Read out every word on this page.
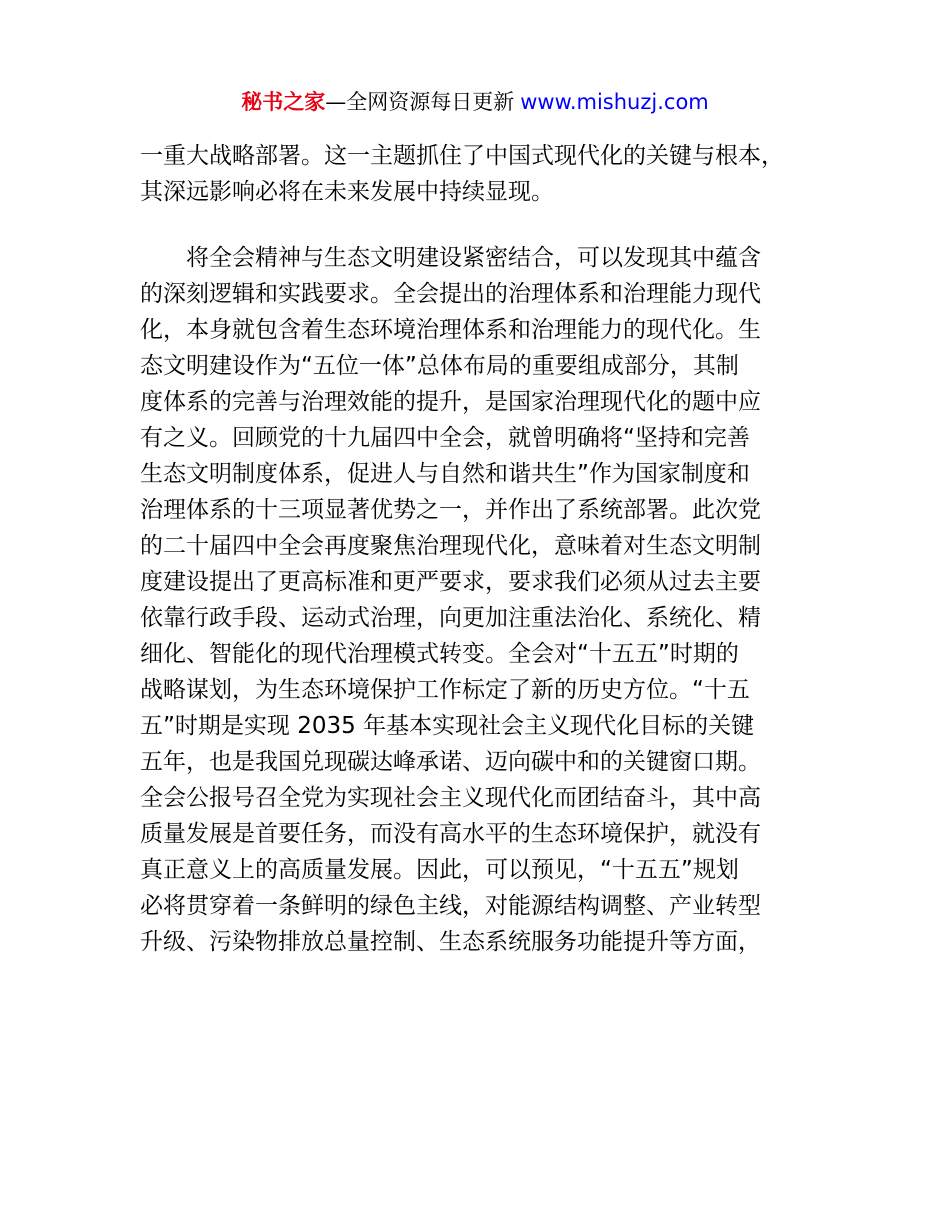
秘书之家—全网资源每日更新 www.mishuzj.com
一重大战略部署。这一主题抓住了中国式现代化的关键与根本，
其深远影响必将在未来发展中持续显现。
　　将全会精神与生态文明建设紧密结合，可以发现其中蕴含
的深刻逻辑和实践要求。全会提出的治理体系和治理能力现代
化，本身就包含着生态环境治理体系和治理能力的现代化。生
态文明建设作为“五位一体”总体布局的重要组成部分，其制
度体系的完善与治理效能的提升，是国家治理现代化的题中应
有之义。回顾党的十九届四中全会，就曾明确将“坚持和完善
生态文明制度体系，促进人与自然和谐共生”作为国家制度和
治理体系的十三项显著优势之一，并作出了系统部署。此次党
的二十届四中全会再度聚焦治理现代化，意味着对生态文明制
度建设提出了更高标准和更严要求，要求我们必须从过去主要
依靠行政手段、运动式治理，向更加注重法治化、系统化、精
细化、智能化的现代治理模式转变。全会对“十五五”时期的
战略谋划，为生态环境保护工作标定了新的历史方位。“十五
五”时期是实现 2035 年基本实现社会主义现代化目标的关键
五年，也是我国兑现碳达峰承诺、迈向碳中和的关键窗口期。
全会公报号召全党为实现社会主义现代化而团结奋斗，其中高
质量发展是首要任务，而没有高水平的生态环境保护，就没有
真正意义上的高质量发展。因此，可以预见，“十五五”规划
必将贯穿着一条鲜明的绿色主线，对能源结构调整、产业转型
升级、污染物排放总量控制、生态系统服务功能提升等方面，
